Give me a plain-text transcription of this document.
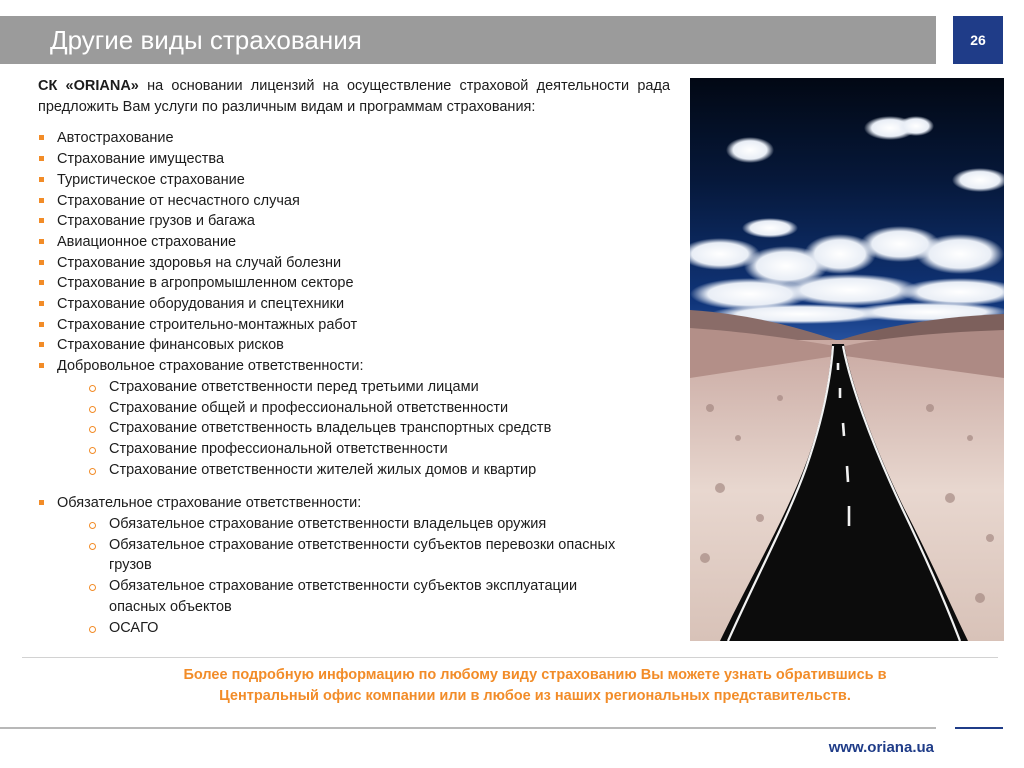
Другие виды страхования	26

СК «ORIANA» на основании лицензий на осуществление страховой деятельности рада предложить Вам услуги по различным видам и программам страхования:

Автострахование
Страхование имущества
Туристическое страхование
Страхование от несчастного случая
Страхование грузов и багажа
Авиационное страхование
Страхование здоровья на случай болезни
Страхование в агропромышленном секторе
Страхование оборудования и спецтехники
Страхование строительно-монтажных работ
Страхование финансовых рисков
Добровольное страхование ответственности:
Страхование ответственности перед третьими лицами
Страхование общей и профессиональной ответственности
Страхование ответственность владельцев транспортных средств
Страхование профессиональной ответственности
Страхование ответственности жителей жилых домов и квартир
Обязательное страхование ответственности:
Обязательное страхование ответственности владельцев оружия
Обязательное страхование ответственности субъектов перевозки опасных грузов
Обязательное страхование ответственности субъектов эксплуатации опасных объектов
ОСАГО
Более подробную информацию по любому виду страхованию Вы можете узнать обратившись в Центральный офис компании или в любое из наших региональных представительств.
www.oriana.ua
